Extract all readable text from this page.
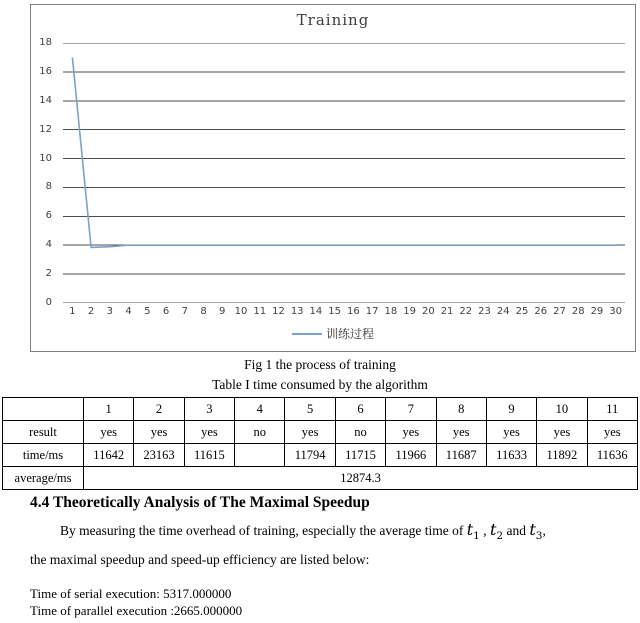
Training
18
16
14
12
10
8
6
4
2
0
1	2	3	4	5	6	7	8	9 10 11 12 13 14 15 16 17 18 19 20 21 22 23 24 25 26 27 28 29 30
训练过程
Fig 1 the process of training
Table I time consumed by the algorithm
	1	2	3	4	5	6	7	8	9	10	11
result	yes	yes	yes	no	yes	no	yes	yes	yes	yes	yes
time/ms	11642	23163	11615		11794	11715	11966	11687	11633	11892	11636
average/ms	12874.3										
4.4 Theoretically Analysis of The Maximal Speedup
By measuring the time overhead of training, especially the average time of $t_1$ , $t_2$ and $t_3$,
the maximal speedup and speed-up efficiency are listed below:
Time of serial execution: 5317.000000
Time of parallel execution :2665.000000
